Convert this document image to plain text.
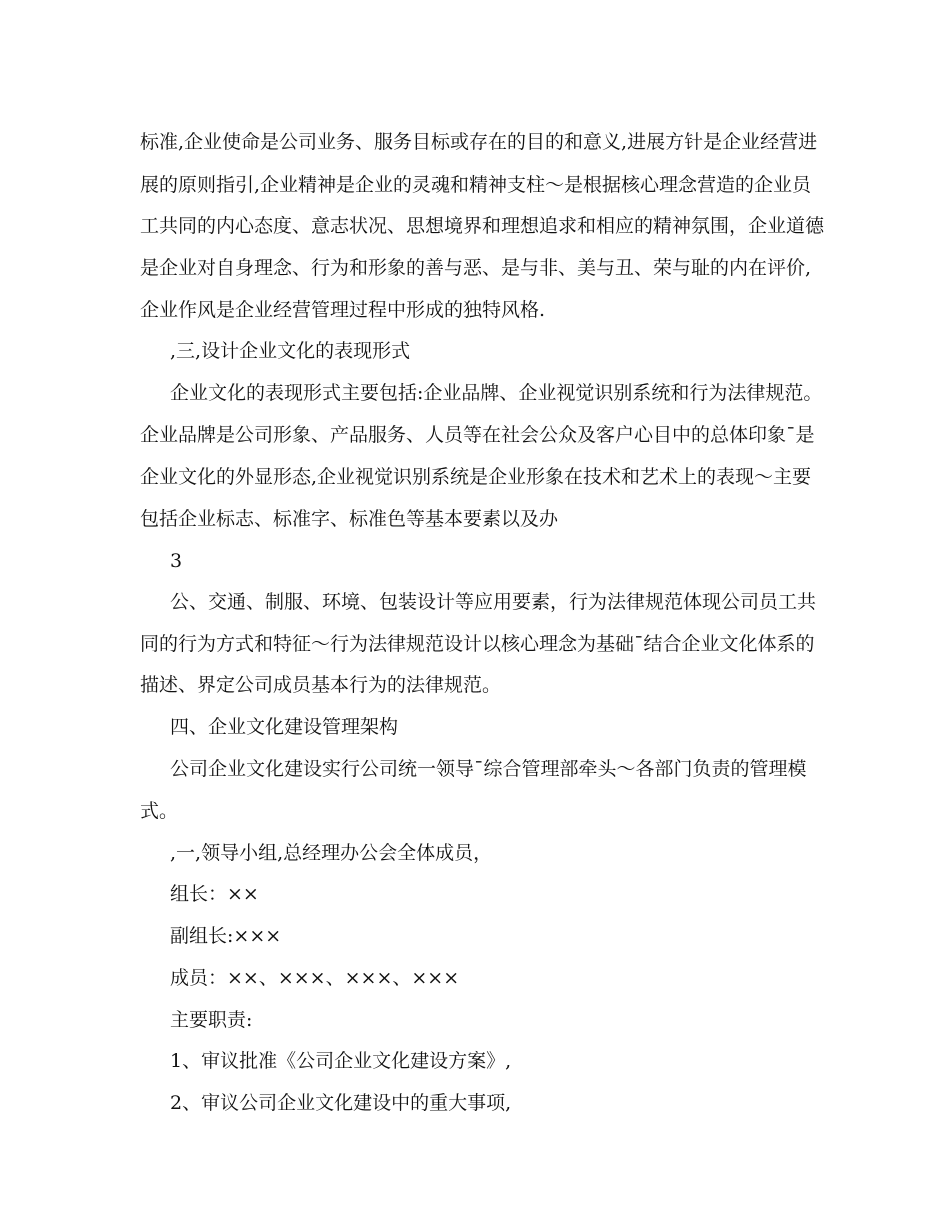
标准,企业使命是公司业务、服务目标或存在的目的和意义,进展方针是企业经营进

展的原则指引,企业精神是企业的灵魂和精神支柱～是根据核心理念营造的企业员

工共同的内心态度、意志状况、思想境界和理想追求和相应的精神氛围，企业道德

是企业对自身理念、行为和形象的善与恶、是与非、美与丑、荣与耻的内在评价,

企业作风是企业经营管理过程中形成的独特风格.

,三,设计企业文化的表现形式

企业文化的表现形式主要包括:企业品牌、企业视觉识别系统和行为法律规范。

企业品牌是公司形象、产品服务、人员等在社会公众及客户心目中的总体印象ˉ是

企业文化的外显形态,企业视觉识别系统是企业形象在技术和艺术上的表现～主要

包括企业标志、标准字、标准色等基本要素以及办

3

公、交通、制服、环境、包装设计等应用要素，行为法律规范体现公司员工共

同的行为方式和特征～行为法律规范设计以核心理念为基础ˉ结合企业文化体系的

描述、界定公司成员基本行为的法律规范。

四、企业文化建设管理架构

公司企业文化建设实行公司统一领导ˉ综合管理部牵头～各部门负责的管理模

式。

,一,领导小组,总经理办公会全体成员，

组长：××

副组长:×××

成员：××、×××、×××、×××

主要职责:

1、审议批准《公司企业文化建设方案》,

2、审议公司企业文化建设中的重大事项,
